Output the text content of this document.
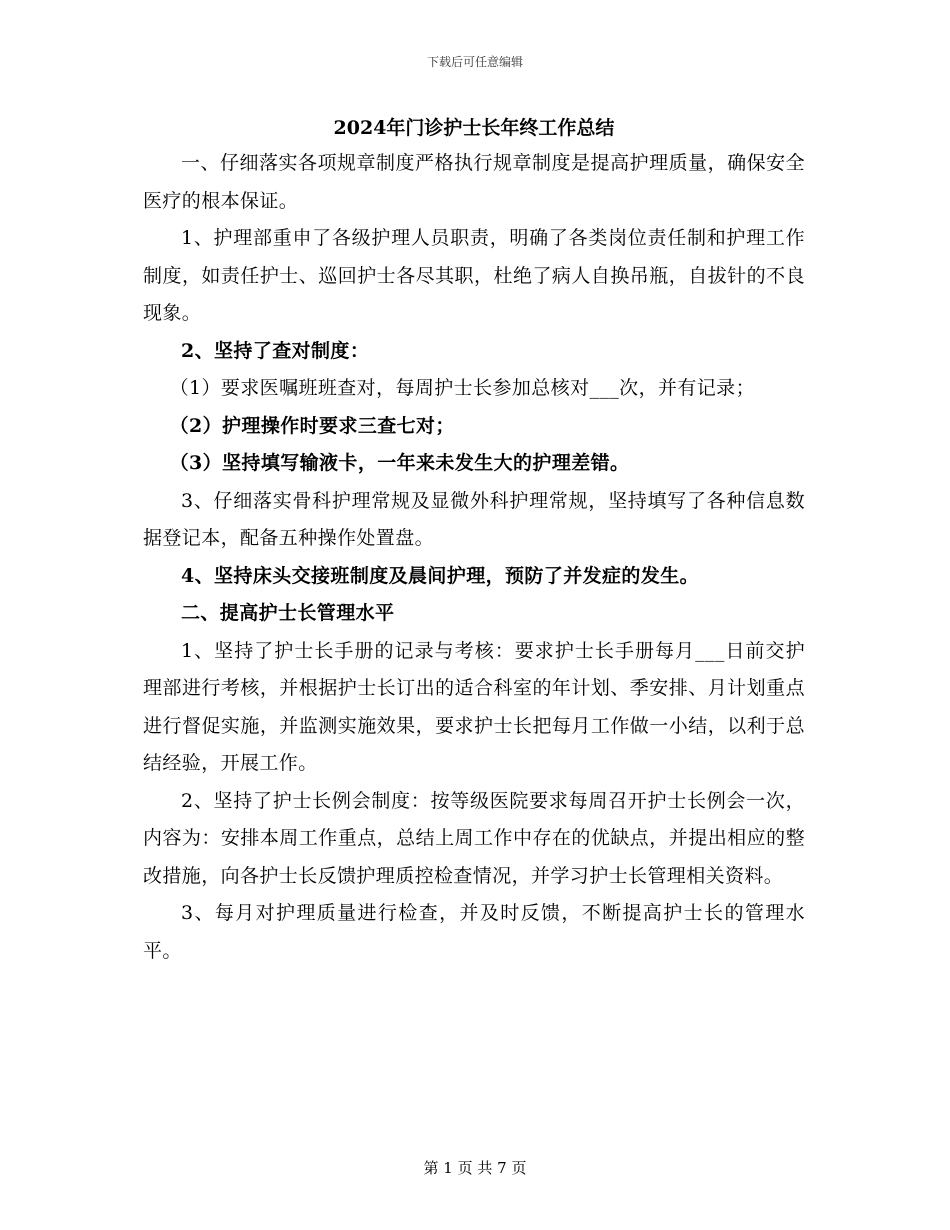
下载后可任意编辑
2024年门诊护士长年终工作总结

一、仔细落实各项规章制度严格执行规章制度是提高护理质量，确保安全医疗的根本保证。

1、护理部重申了各级护理人员职责，明确了各类岗位责任制和护理工作制度，如责任护士、巡回护士各尽其职，杜绝了病人自换吊瓶，自拔针的不良现象。

2、坚持了查对制度：

（1）要求医嘱班班查对，每周护士长参加总核对___次，并有记录；

（2）护理操作时要求三查七对；

（3）坚持填写输液卡，一年来未发生大的护理差错。

3、仔细落实骨科护理常规及显微外科护理常规，坚持填写了各种信息数据登记本，配备五种操作处置盘。

4、坚持床头交接班制度及晨间护理，预防了并发症的发生。

二、提高护士长管理水平

1、坚持了护士长手册的记录与考核：要求护士长手册每月___日前交护理部进行考核，并根据护士长订出的适合科室的年计划、季安排、月计划重点进行督促实施，并监测实施效果，要求护士长把每月工作做一小结，以利于总结经验，开展工作。

2、坚持了护士长例会制度：按等级医院要求每周召开护士长例会一次，内容为：安排本周工作重点，总结上周工作中存在的优缺点，并提出相应的整改措施，向各护士长反馈护理质控检查情况，并学习护士长管理相关资料。

3、每月对护理质量进行检查，并及时反馈，不断提高护士长的管理水平。

第 1 页 共 7 页
